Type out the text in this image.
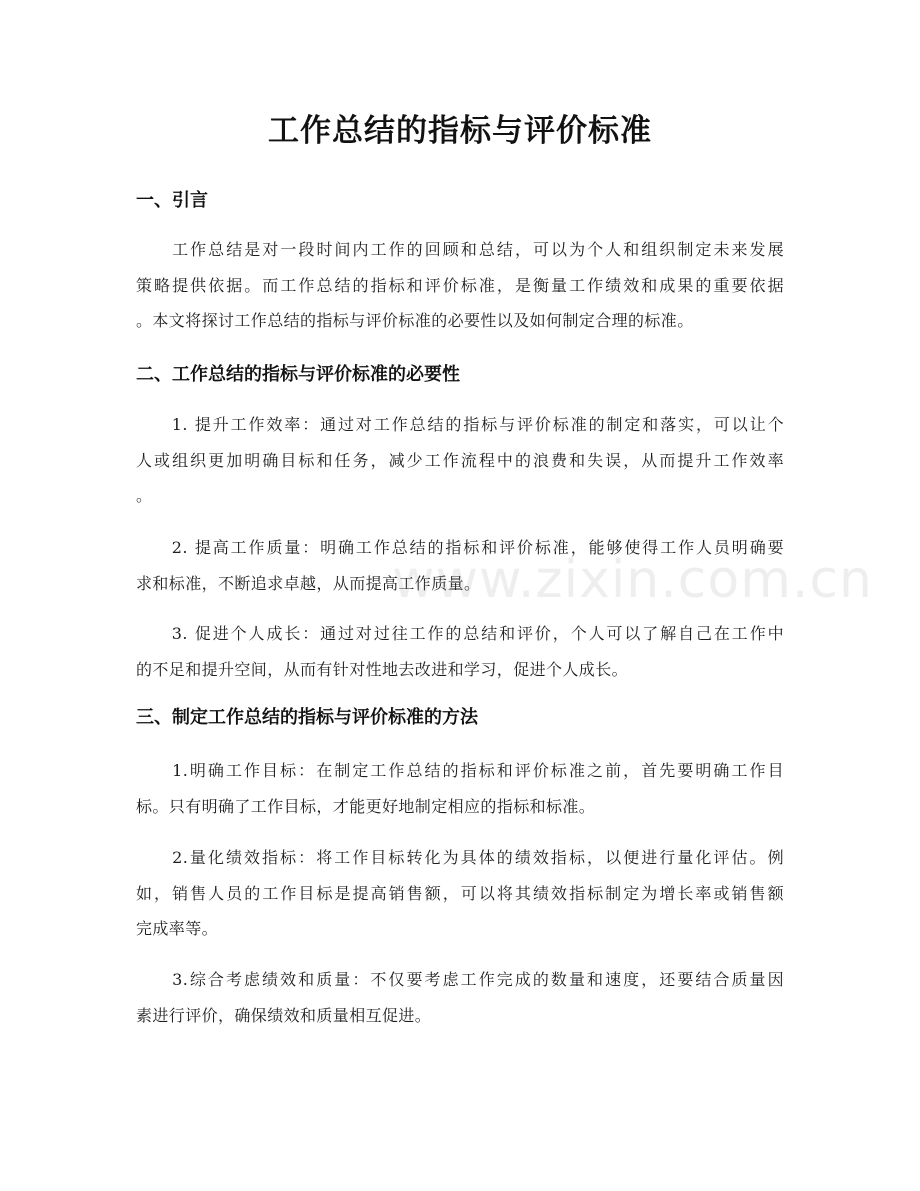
工作总结的指标与评价标准
一、引言
　　工作总结是对一段时间内工作的回顾和总结，可以为个人和组织制定未来发展
策略提供依据。而工作总结的指标和评价标准，是衡量工作绩效和成果的重要依据
。本文将探讨工作总结的指标与评价标准的必要性以及如何制定合理的标准。
二、工作总结的指标与评价标准的必要性
　　1. 提升工作效率：通过对工作总结的指标与评价标准的制定和落实，可以让个
人或组织更加明确目标和任务，减少工作流程中的浪费和失误，从而提升工作效率
。
　　2. 提高工作质量：明确工作总结的指标和评价标准，能够使得工作人员明确要
求和标准，不断追求卓越，从而提高工作质量。
　　3. 促进个人成长：通过对过往工作的总结和评价，个人可以了解自己在工作中
的不足和提升空间，从而有针对性地去改进和学习，促进个人成长。
三、制定工作总结的指标与评价标准的方法
　　1.明确工作目标：在制定工作总结的指标和评价标准之前，首先要明确工作目
标。只有明确了工作目标，才能更好地制定相应的指标和标准。
　　2.量化绩效指标：将工作目标转化为具体的绩效指标，以便进行量化评估。例
如，销售人员的工作目标是提高销售额，可以将其绩效指标制定为增长率或销售额
完成率等。
　　3.综合考虑绩效和质量：不仅要考虑工作完成的数量和速度，还要结合质量因
素进行评价，确保绩效和质量相互促进。
www.zixin.com.cn
